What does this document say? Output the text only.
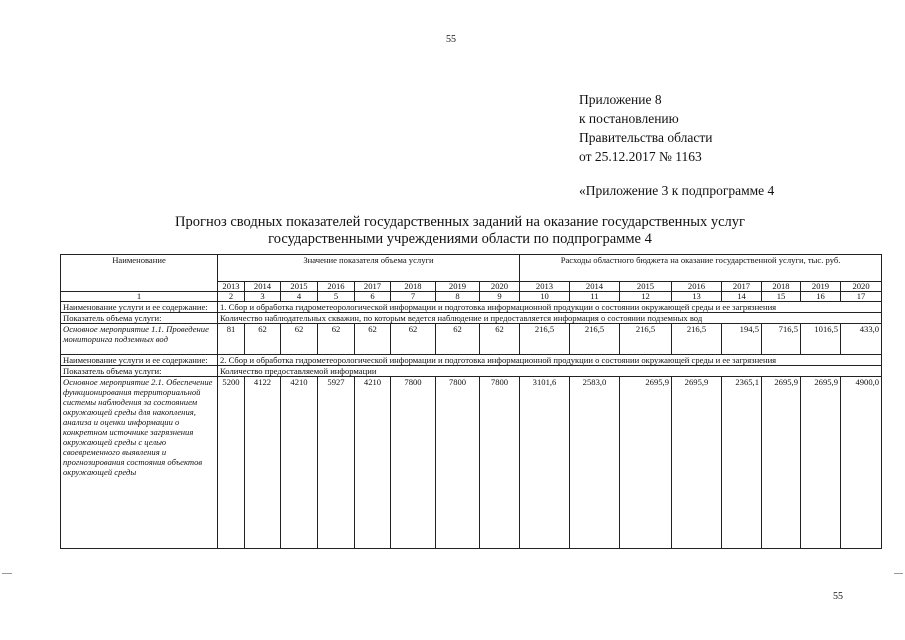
55
Приложение 8
к постановлению
Правительства области
от 25.12.2017 № 1163
«Приложение 3 к подпрограмме 4
Прогноз сводных показателей государственных заданий на оказание государственных услуг
государственными учреждениями области по подпрограмме 4
Наименование	Значение показателя объема услуги								Расходы областного бюджета на оказание государственной услуги, тыс. руб.							
	2013	2014	2015	2016	2017	2018	2019	2020	2013	2014	2015	2016	2017	2018	2019	2020
1	2	3	4	5	6	7	8	9	10	11	12	13	14	15	16	17
Наименование услуги и ее содержание:	1. Сбор и обработка гидрометеорологической информации и подготовка информационной продукции о состоянии окружающей среды и ее загрязнения															
Показатель объема услуги:	Количество наблюдательных скважин, по которым ведется наблюдение и предоставляется информация о состоянии подземных вод															
Основное мероприятие 1.1. Проведение мониторинга подземных вод	81	62	62	62	62	62	62	62	216,5	216,5	216,5	216,5	194,5	716,5	1016,5	433,0
Наименование услуги и ее содержание:	2. Сбор и обработка гидрометеорологической информации и подготовка информационной продукции о состоянии окружающей среды и ее загрязнения															
Показатель объема услуги:	Количество предоставляемой информации															
Основное мероприятие 2.1. Обеспечение функционирования территориальной системы наблюдения за состоянием окружающей среды для накопления, анализа и оценки информации о конкретном источнике загрязнения окружающей среды с целью своевременного выявления и прогнозирования состояния объектов окружающей среды	5200	4122	4210	5927	4210	7800	7800	7800	3101,6	2583,0	2695,9	2695,9	2365,1	2695,9	2695,9	4900,0
55
